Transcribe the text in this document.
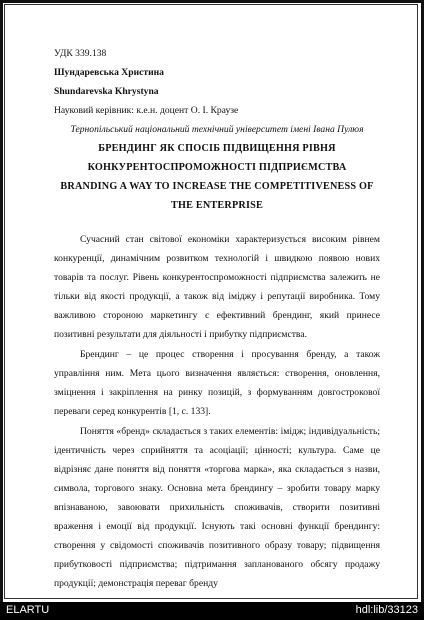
УДК 339.138
Шундаревська Христина
Shundarevska Khrystyna
Науковий керівник: к.е.н. доцент О. І. Краузе
Тернопільський національний технічний університет імені Івана Пулюя
БРЕНДИНГ ЯК СПОСІБ ПІДВИЩЕННЯ РІВНЯ
КОНКУРЕНТОСПРОМОЖНОСТІ ПІДПРИЄМСТВА
BRANDING A WAY TO INCREASE THE COMPETITIVENESS OF
THE ENTERPRISE

Сучасний стан світової економіки характеризується високим рівнем конкуренції, динамічним розвитком технологій і швидкою появою нових товарів та послуг. Рівень конкурентоспроможності підприємства залежить не тільки від якості продукції, а також від іміджу і репутації виробника. Тому важливою стороною маркетингу є ефективний брендинг, який принесе позитивні результати для діяльності і прибутку підприємства.

Брендинг – це процес створення і просування бренду, а також управління ним. Мета цього визначення являється: створення, оновлення, зміцнення і закріплення на ринку позицій, з формуванням довгострокової переваги серед конкурентів [1, с. 133].

Поняття «бренд» складається з таких елементів: імідж; індивідуальність; ідентичність через сприйняття та асоціації; цінності; культура. Саме це відрізняє дане поняття від поняття «торгова марка», яка складається з назви, символа, торгового знаку. Основна мета брендингу – зробити товару марку впізнаваною, завоювати прихильність споживачів, створити позитивні враження і емоції від продукції. Існують такі основні функції брендингу: створення у свідомості споживачів позитивного образу товару; підвищення прибутковості підприємства; підтримання запланованого обсягу продажу продукції; демонстрація переваг бренду

ELARTU	hdl:lib/33123
